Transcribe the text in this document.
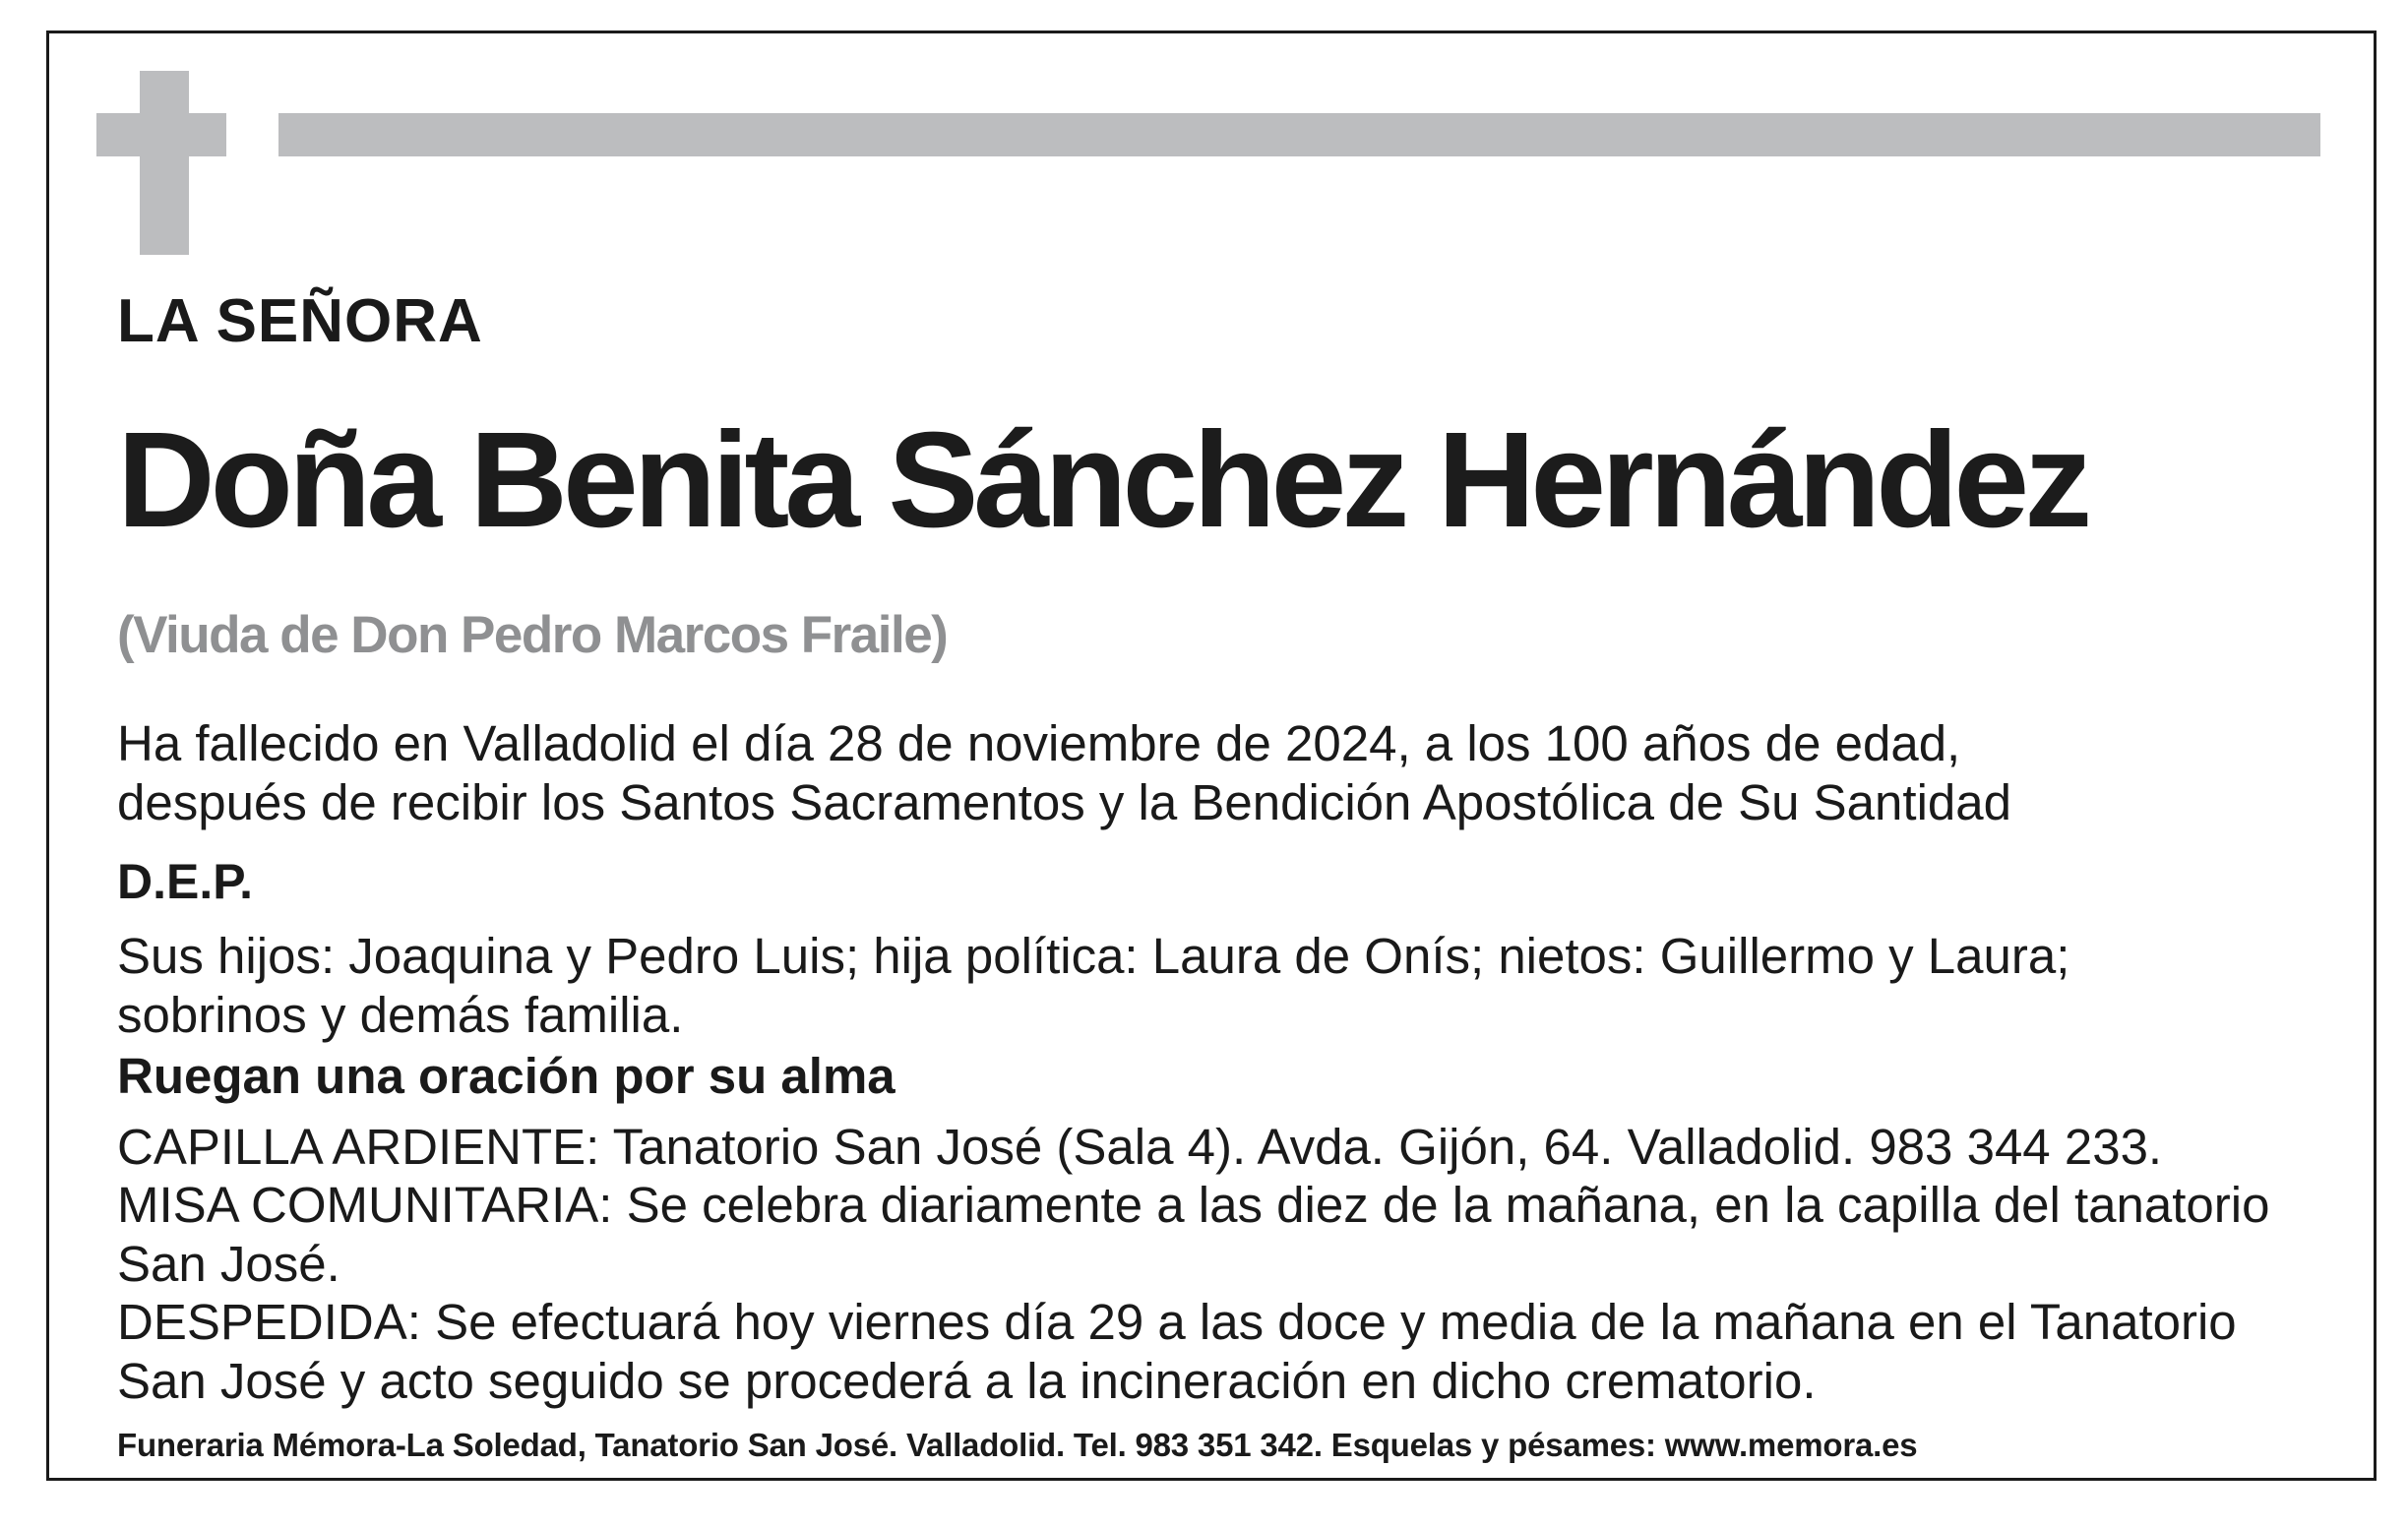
LA SEÑORA

Doña Benita Sánchez Hernández

(Viuda de Don Pedro Marcos Fraile)

Ha fallecido en Valladolid el día 28 de noviembre de 2024, a los 100 años de edad,
después de recibir los Santos Sacramentos y la Bendición Apostólica de Su Santidad

D.E.P.

Sus hijos: Joaquina y Pedro Luis; hija política: Laura de Onís; nietos: Guillermo y Laura;
sobrinos y demás familia.

Ruegan una oración por su alma

CAPILLA ARDIENTE: Tanatorio San José (Sala 4). Avda. Gijón, 64. Valladolid. 983 344 233.

MISA COMUNITARIA: Se celebra diariamente a las diez de la mañana, en la capilla del tanatorio
San José.

DESPEDIDA: Se efectuará hoy viernes día 29 a las doce y media de la mañana en el Tanatorio
San José y acto seguido se procederá a la incineración en dicho crematorio.

Funeraria Mémora-La Soledad, Tanatorio San José. Valladolid. Tel. 983 351 342. Esquelas y pésames: www.memora.es
